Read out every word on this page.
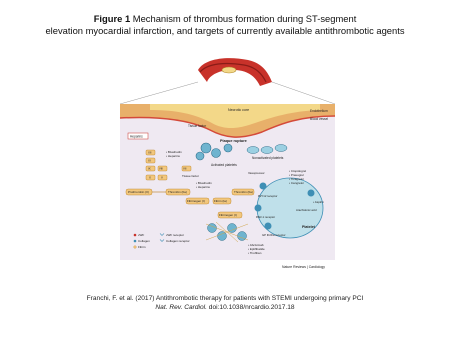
Figure 1 Mechanism of thrombus formation during ST-segment
elevation myocardial infarction, and targets of currently available antithrombotic agents
Necrotic core	Endothelium
Blood vessel
Tissue factor
Plaque rupture
Activated platelets
Nonactivated platelets
Heparins
XII
XI
IX
X
VIII
V
VII
• Bivalirudin
• Heparins
Tissue factor
• Bivalirudin
• Heparins
Prothrombin (II)	Thrombin (IIa)
Fibrinogen (I)	Fibrin (Ia)
Thrombin (IIa)
Vasopressor
Platelet
P2Y12 receptor
PAR-1 receptor
GP IIb/IIIa receptor
• Clopidogrel
• Prasugrel
• Ticagrelor
• Cangrelor
• Aspirin
Arachidonic acid
Fibrinogen (I)
• Abciximab
• Eptifibatide
• Tirofiban
vWF
Collagen
Fibrin
vWF receptor
Collagen receptor
Nature Reviews | Cardiology
Franchi, F. et al. (2017) Antithrombotic therapy for patients with STEMI undergoing primary PCI
Nat. Rev. Cardiol. doi:10.1038/nrcardio.2017.18
